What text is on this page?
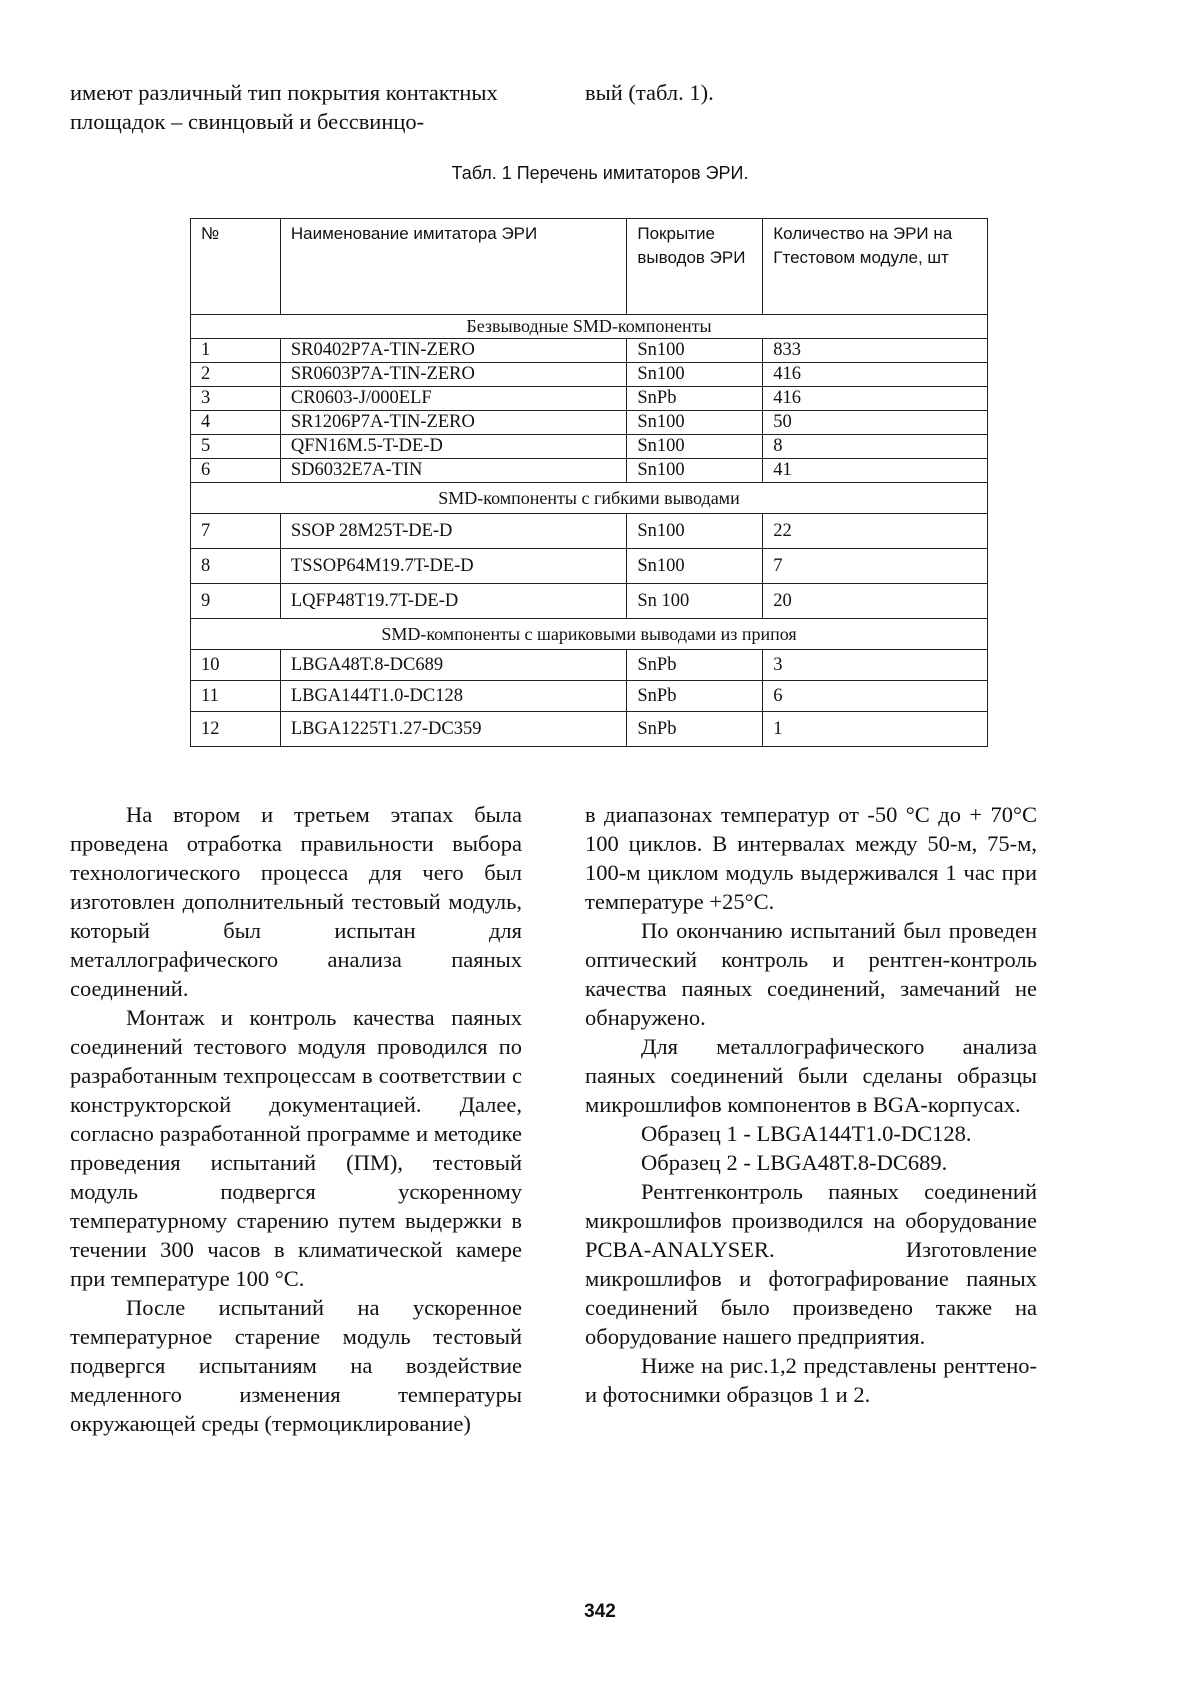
имеют различный тип покрытия контактных площадок – свинцовый и бессвинцо-
вый (табл. 1).
Табл. 1 Перечень имитаторов ЭРИ.
№	Наименование имитатора ЭРИ	Покрытие выводов ЭРИ	Количество на ЭРИ на Гтестовом модуле, шт
Безвыводные SMD-компоненты			
1	SR0402P7A-TIN-ZERO	Sn100	833
2	SR0603P7A-TIN-ZERO	Sn100	416
3	CR0603-J/000ELF	SnPb	416
4	SR1206P7A-TIN-ZERO	Sn100	50
5	QFN16M.5-T-DE-D	Sn100	8
6	SD6032E7A-TIN	Sn100	41
SMD-компоненты с гибкими выводами			
7	SSOP 28M25T-DE-D	Sn100	22
8	TSSOP64M19.7T-DE-D	Sn100	7
9	LQFP48T19.7T-DE-D	Sn 100	20
SMD-компоненты с шариковыми выводами из припоя			
10	LBGA48T.8-DC689	SnPb	3
11	LBGA144T1.0-DC128	SnPb	6
12	LBGA1225T1.27-DC359	SnPb	1

На втором и третьем этапах была проведена отработка правильности выбора технологического процесса для чего был изготовлен дополнительный тестовый модуль, который был испытан для металлографического анализа паяных соединений.

Монтаж и контроль качества паяных соединений тестового модуля проводился по разработанным техпроцессам в соответствии с конструкторской документацией. Далее, согласно разработанной программе и методике проведения испытаний (ПМ), тестовый модуль подвергся ускоренному температурному старению путем выдержки в течении 300 часов в климатической камере при температуре 100 °С.

После испытаний на ускоренное температурное старение модуль тестовый подвергся испытаниям на воздействие медленного изменения температуры окружающей среды (термоциклирование)

в диапазонах температур от -50 °С до + 70°С 100 циклов. В интервалах между 50-м, 75-м, 100-м циклом модуль выдерживался 1 час при температуре +25°С.

По окончанию испытаний был проведен оптический контроль и рентген-контроль качества паяных соединений, замечаний не обнаружено.

Для металлографического анализа паяных соединений были сделаны образцы микрошлифов компонентов в BGA-корпусах.

Образец 1 - LBGA144T1.0-DC128.

Образец 2 - LBGA48T.8-DC689.

Рентгенконтроль паяных соединений микрошлифов производился на оборудование PCBA-ANALYSER. Изготовление микрошлифов и фотографирование паяных соединений было произведено также на оборудование нашего предприятия.

Ниже на рис.1,2 представлены ренттено- и фотоснимки образцов 1 и 2.

342
